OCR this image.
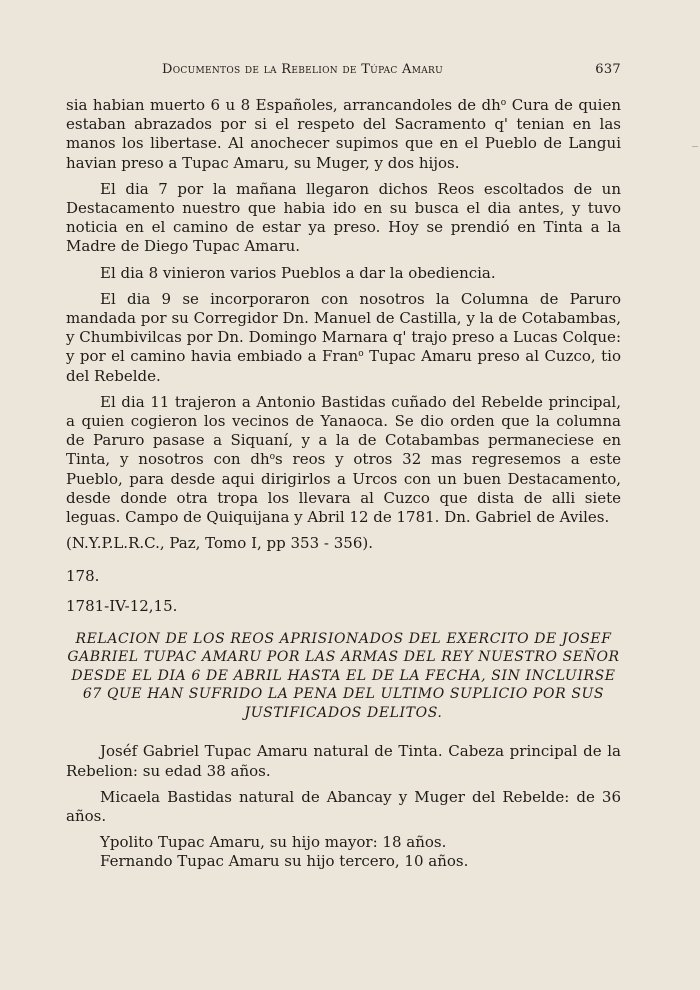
Documentos de la Rebelion de Túpac Amaru	637

sia habian muerto 6 u 8 Españoles, arrancandoles de $dh^o$ Cura de quien estaban abrazados por si el respeto del Sacramento q' tenian en las manos los libertase. Al anochecer supimos que en el Pueblo de Langui havian preso a Tupac Amaru, su Muger, y dos hijos.

El dia 7 por la mañana llegaron dichos Reos escoltados de un Destacamento nuestro que habia ido en su busca el dia antes, y tuvo noticia en el camino de estar ya preso. Hoy se prendió en Tinta a la Madre de Diego Tupac Amaru.

El dia 8 vinieron varios Pueblos a dar la obediencia.

El dia 9 se incorporaron con nosotros la Columna de Paruro mandada por su Corregidor Dn. Manuel de Castilla, y la de Cotabambas, y Chumbivilcas por Dn. Domingo Marnara q' trajo preso a Lucas Colque: y por el camino havia embiado a Fran$^o$ Tupac Amaru preso al Cuzco, tio del Rebelde.

El dia 11 trajeron a Antonio Bastidas cuñado del Rebelde principal, a quien cogieron los vecinos de Yanaoca. Se dio orden que la columna de Paruro pasase a Siquaní, y a la de Cotabambas permaneciese en Tinta, y nosotros con $dh^os$ reos y otros 32 mas regresemos a este Pueblo, para desde aqui dirigirlos a Urcos con un buen Destacamento, desde donde otra tropa los llevara al Cuzco que dista de alli siete leguas. Campo de Quiquijana y Abril 12 de 1781. Dn. Gabriel de Aviles.

(N.Y.P.L.R.C., Paz, Tomo I, pp 353 - 356).

178.

1781-IV-12,15.

RELACION DE LOS REOS APRISIONADOS DEL EXERCITO DE JOSEF GABRIEL TUPAC AMARU POR LAS ARMAS DEL REY NUESTRO SEÑOR DESDE EL DIA 6 DE ABRIL HASTA EL DE LA FECHA, SIN INCLUIRSE 67 QUE HAN SUFRIDO LA PENA DEL ULTIMO SUPLICIO POR SUS JUSTIFICADOS DELITOS.

Joséf Gabriel Tupac Amaru natural de Tinta. Cabeza principal de la Rebelion: su edad 38 años.

Micaela Bastidas natural de Abancay y Muger del Rebelde: de 36 años.

Ypolito Tupac Amaru, su hijo mayor: 18 años.

Fernando Tupac Amaru su hijo tercero, 10 años.
